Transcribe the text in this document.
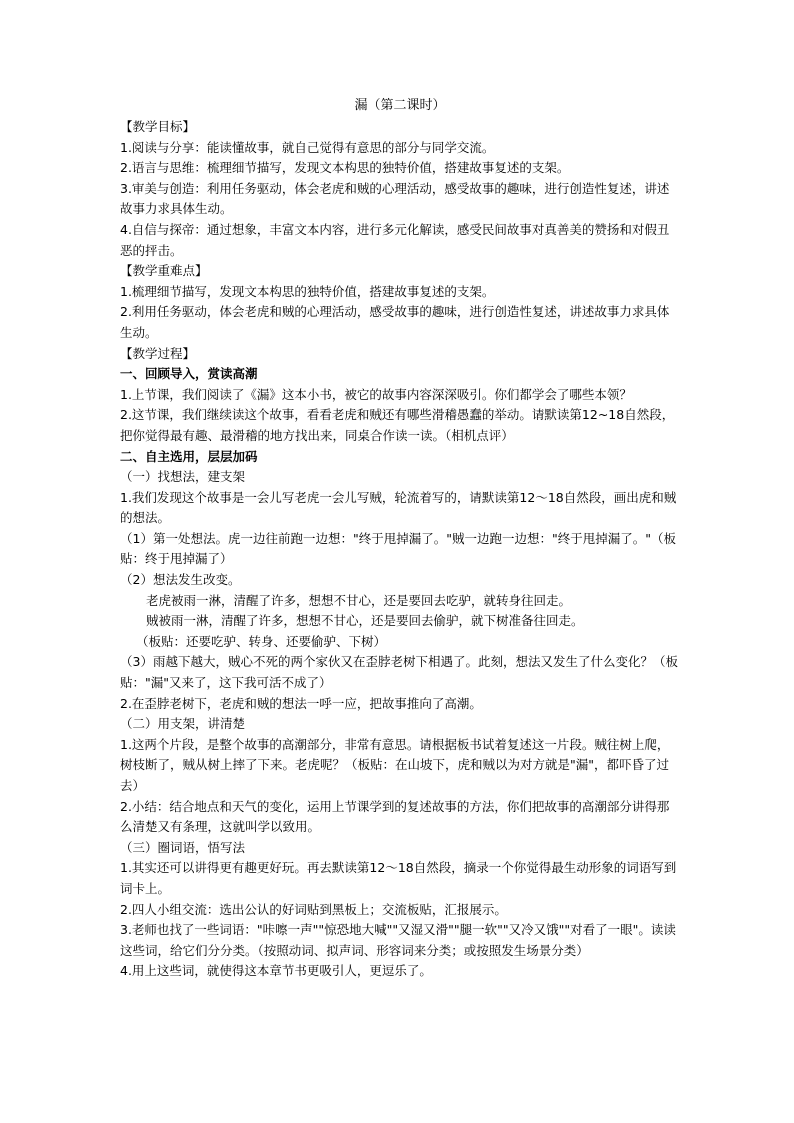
漏（第二课时）

【教学目标】

1.阅读与分享：能读懂故事，就自己觉得有意思的部分与同学交流。

2.语言与思维：梳理细节描写，发现文本构思的独特价值，搭建故事复述的支架。

3.审美与创造：利用任务驱动，体会老虎和贼的心理活动，感受故事的趣味，进行创造性复述，讲述故事力求具体生动。

4.自信与探帝：通过想象，丰富文本内容，进行多元化解读，感受民间故事对真善美的赞扬和对假丑恶的抨击。

【教学重难点】

1.梳理细节描写，发现文本构思的独特价值，搭建故事复述的支架。

2.利用任务驱动，体会老虎和贼的心理活动，感受故事的趣味，进行创造性复述，讲述故事力求具体生动。

【教学过程】

一、回顾导入，赏读高潮

1.上节课，我们阅读了《漏》这本小书，被它的故事内容深深吸引。你们都学会了哪些本领？

2.这节课，我们继续读这个故事，看看老虎和贼还有哪些滑稽愚蠢的举动。请默读第12~18自然段，把你觉得最有趣、最滑稽的地方找出来，同桌合作读一读。（相机点评）

二、自主选用，层层加码

（一）找想法，建支架

1.我们发现这个故事是一会儿写老虎一会儿写贼，轮流着写的，请默读第12～18自然段，画出虎和贼的想法。

（1）第一处想法。虎一边往前跑一边想："终于甩掉漏了。"贼一边跑一边想："终于甩掉漏了。"（板贴：终于甩掉漏了）

（2）想法发生改变。

老虎被雨一淋，清醒了许多，想想不甘心，还是要回去吃驴，就转身往回走。

贼被雨一淋，清醒了许多，想想不甘心，还是要回去偷驴，就下树准备往回走。

（板贴：还要吃驴、转身、还要偷驴、下树）

（3）雨越下越大，贼心不死的两个家伙又在歪脖老树下相遇了。此刻，想法又发生了什么变化？（板贴："漏"又来了，这下我可活不成了）

2.在歪脖老树下，老虎和贼的想法一呼一应，把故事推向了高潮。

（二）用支架，讲清楚

1.这两个片段，是整个故事的高潮部分，非常有意思。请根据板书试着复述这一片段。贼往树上爬，树枝断了，贼从树上摔了下来。老虎呢？（板贴：在山坡下，虎和贼以为对方就是"漏"，都吓昏了过去）

2.小结：结合地点和天气的变化，运用上节课学到的复述故事的方法，你们把故事的高潮部分讲得那么清楚又有条理，这就叫学以致用。

（三）圈词语，悟写法

1.其实还可以讲得更有趣更好玩。再去默读第12～18自然段，摘录一个你觉得最生动形象的词语写到词卡上。

2.四人小组交流：选出公认的好词贴到黑板上；交流板贴，汇报展示。

3.老师也找了一些词语："咔嚓一声""惊恐地大喊""又湿又滑""腿一软""又冷又饿""对看了一眼"。读读这些词，给它们分分类。（按照动词、拟声词、形容词来分类；或按照发生场景分类）

4.用上这些词，就使得这本章节书更吸引人，更逗乐了。
